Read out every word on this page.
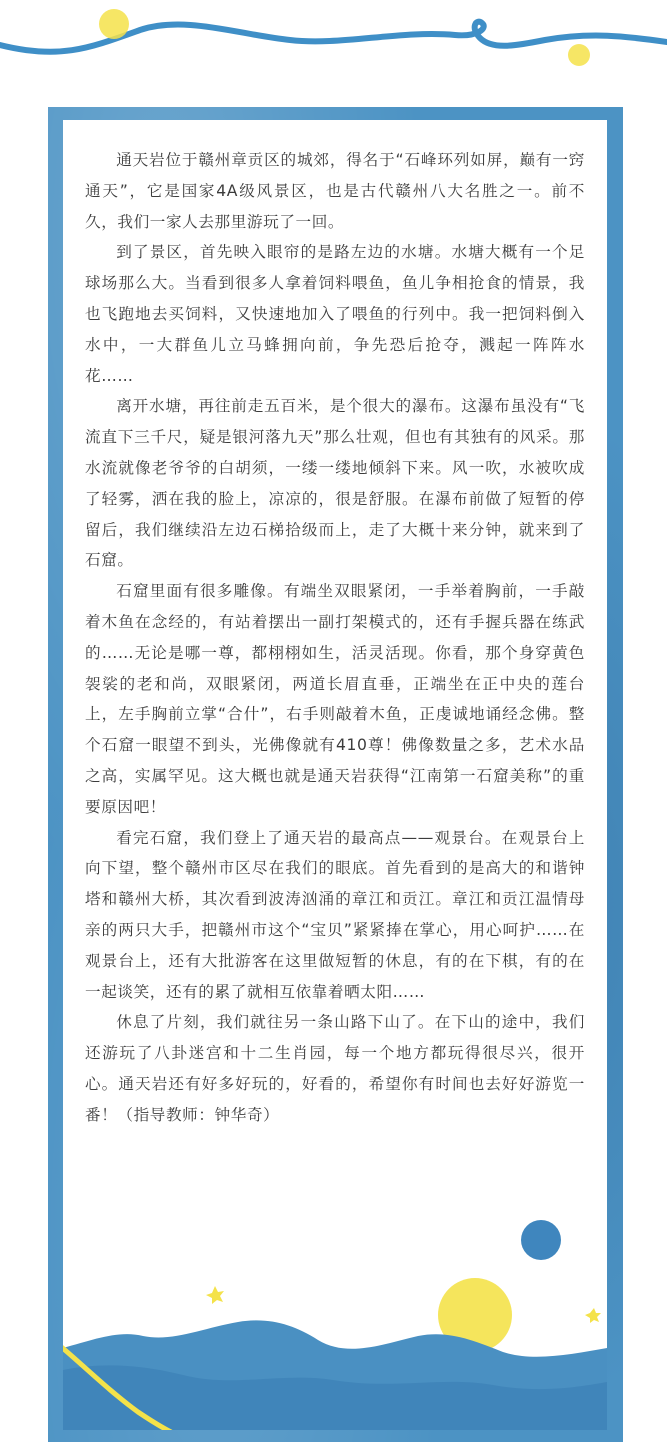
通天岩位于赣州章贡区的城郊，得名于“石峰环列如屏，巅有一窍通天”，它是国家4A级风景区，也是古代赣州八大名胜之一。前不久，我们一家人去那里游玩了一回。

到了景区，首先映入眼帘的是路左边的水塘。水塘大概有一个足球场那么大。当看到很多人拿着饲料喂鱼，鱼儿争相抢食的情景，我也飞跑地去买饲料，又快速地加入了喂鱼的行列中。我一把饲料倒入水中，一大群鱼儿立马蜂拥向前，争先恐后抢夺，溅起一阵阵水花……

离开水塘，再往前走五百米，是个很大的瀑布。这瀑布虽没有“飞流直下三千尺，疑是银河落九天”那么壮观，但也有其独有的风采。那水流就像老爷爷的白胡须，一缕一缕地倾斜下来。风一吹，水被吹成了轻雾，洒在我的脸上，凉凉的，很是舒服。在瀑布前做了短暂的停留后，我们继续沿左边石梯拾级而上，走了大概十来分钟，就来到了石窟。

石窟里面有很多雕像。有端坐双眼紧闭，一手举着胸前，一手敲着木鱼在念经的，有站着摆出一副打架模式的，还有手握兵器在练武的……无论是哪一尊，都栩栩如生，活灵活现。你看，那个身穿黄色袈裟的老和尚，双眼紧闭，两道长眉直垂，正端坐在正中央的莲台上，左手胸前立掌“合什”，右手则敲着木鱼，正虔诚地诵经念佛。整个石窟一眼望不到头，光佛像就有410尊！佛像数量之多，艺术水品之高，实属罕见。这大概也就是通天岩获得“江南第一石窟美称”的重要原因吧！

看完石窟，我们登上了通天岩的最高点——观景台。在观景台上向下望，整个赣州市区尽在我们的眼底。首先看到的是高大的和谐钟塔和赣州大桥，其次看到波涛汹涌的章江和贡江。章江和贡江温情母亲的两只大手，把赣州市这个“宝贝”紧紧捧在掌心，用心呵护……在观景台上，还有大批游客在这里做短暂的休息，有的在下棋，有的在一起谈笑，还有的累了就相互依靠着晒太阳……

休息了片刻，我们就往另一条山路下山了。在下山的途中，我们还游玩了八卦迷宫和十二生肖园，每一个地方都玩得很尽兴，很开心。通天岩还有好多好玩的，好看的，希望你有时间也去好好游览一番！（指导教师：钟华奇）
